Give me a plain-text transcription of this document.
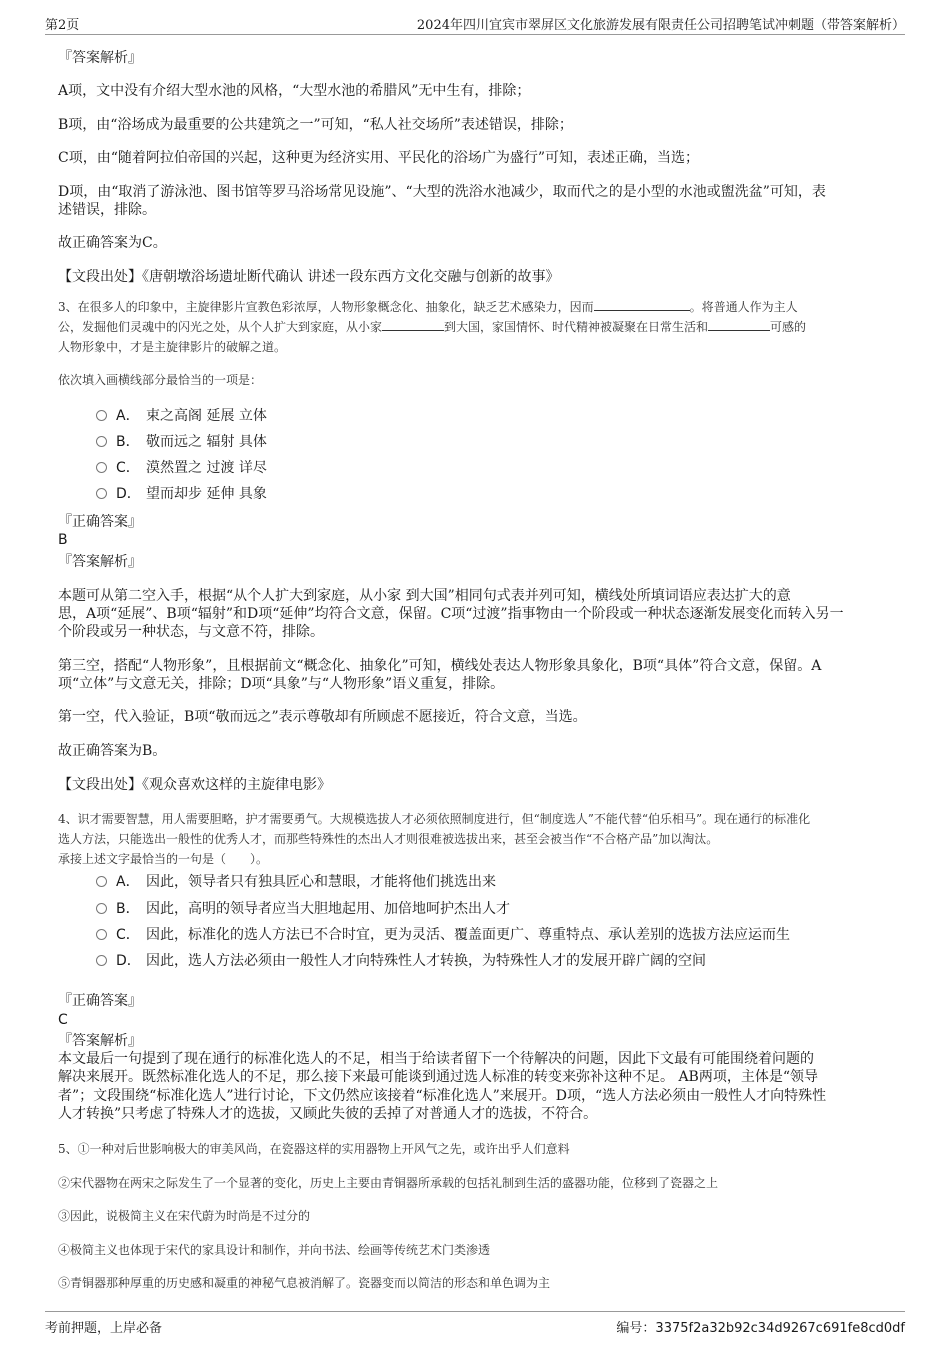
第2页	2024年四川宜宾市翠屏区文化旅游发展有限责任公司招聘笔试冲刺题（带答案解析）

『答案解析』

A项，文中没有介绍大型水池的风格，“大型水池的希腊风”无中生有，排除；

B项，由“浴场成为最重要的公共建筑之一”可知，“私人社交场所”表述错误，排除；

C项，由“随着阿拉伯帝国的兴起，这种更为经济实用、平民化的浴场广为盛行”可知，表述正确，当选；

D项，由“取消了游泳池、图书馆等罗马浴场常见设施”、“大型的洗浴水池减少，取而代之的是小型的水池或盥洗盆”可知，表

述错误，排除。

故正确答案为C。

【文段出处】《唐朝墩浴场遗址断代确认 讲述一段东西方文化交融与创新的故事》

3、在很多人的印象中，主旋律影片宣教色彩浓厚，人物形象概念化、抽象化，缺乏艺术感染力，因而	。将普通人作为主人

公，发掘他们灵魂中的闪光之处，从个人扩大到家庭，从小家	到大国，家国情怀、时代精神被凝聚在日常生活和	可感的

人物形象中，才是主旋律影片的破解之道。

依次填入画横线部分最恰当的一项是：

A． 束之高阁 延展 立体
B． 敬而远之 辐射 具体
C． 漠然置之 过渡 详尽
D． 望而却步 延伸 具象

『正确答案』

B

『答案解析』

本题可从第二空入手，根据“从个人扩大到家庭，从小家 到大国”相同句式表并列可知，横线处所填词语应表达扩大的意

思，A项“延展”、B项“辐射”和D项“延伸”均符合文意，保留。C项“过渡”指事物由一个阶段或一种状态逐渐发展变化而转入另一

个阶段或另一种状态，与文意不符，排除。

第三空，搭配“人物形象”，且根据前文“概念化、抽象化”可知，横线处表达人物形象具象化，B项“具体”符合文意，保留。A

项“立体”与文意无关，排除；D项“具象”与“人物形象”语义重复，排除。

第一空，代入验证，B项“敬而远之”表示尊敬却有所顾虑不愿接近，符合文意，当选。

故正确答案为B。

【文段出处】《观众喜欢这样的主旋律电影》

4、识才需要智慧，用人需要胆略，护才需要勇气。大规模选拔人才必须依照制度进行，但“制度选人”不能代替“伯乐相马”。现在通行的标准化

选人方法，只能选出一般性的优秀人才，而那些特殊性的杰出人才则很难被选拔出来，甚至会被当作“不合格产品”加以淘汰。

承接上述文字最恰当的一句是（　　）。

A． 因此，领导者只有独具匠心和慧眼，才能将他们挑选出来
B． 因此，高明的领导者应当大胆地起用、加倍地呵护杰出人才
C． 因此，标准化的选人方法已不合时宜，更为灵活、覆盖面更广、尊重特点、承认差别的选拔方法应运而生
D． 因此，选人方法必须由一般性人才向特殊性人才转换，为特殊性人才的发展开辟广阔的空间

『正确答案』

C

『答案解析』

本文最后一句提到了现在通行的标准化选人的不足，相当于给读者留下一个待解决的问题，因此下文最有可能围绕着问题的

解决来展开。既然标准化选人的不足，那么接下来最可能谈到通过选人标准的转变来弥补这种不足。 AB两项，主体是“领导

者”；文段围绕“标准化选人”进行讨论，下文仍然应该接着“标准化选人”来展开。D项，“选人方法必须由一般性人才向特殊性

人才转换”只考虑了特殊人才的选拔，又顾此失彼的丢掉了对普通人才的选拔，不符合。

5、①一种对后世影响极大的审美风尚，在瓷器这样的实用器物上开风气之先，或许出乎人们意料

②宋代器物在两宋之际发生了一个显著的变化，历史上主要由青铜器所承载的包括礼制到生活的盛器功能，位移到了瓷器之上

③因此，说极简主义在宋代蔚为时尚是不过分的

④极简主义也体现于宋代的家具设计和制作，并向书法、绘画等传统艺术门类渗透

⑤青铜器那种厚重的历史感和凝重的神秘气息被消解了。瓷器变而以简洁的形态和单色调为主

考前押题，上岸必备	编号：3375f2a32b92c34d9267c691fe8cd0df
